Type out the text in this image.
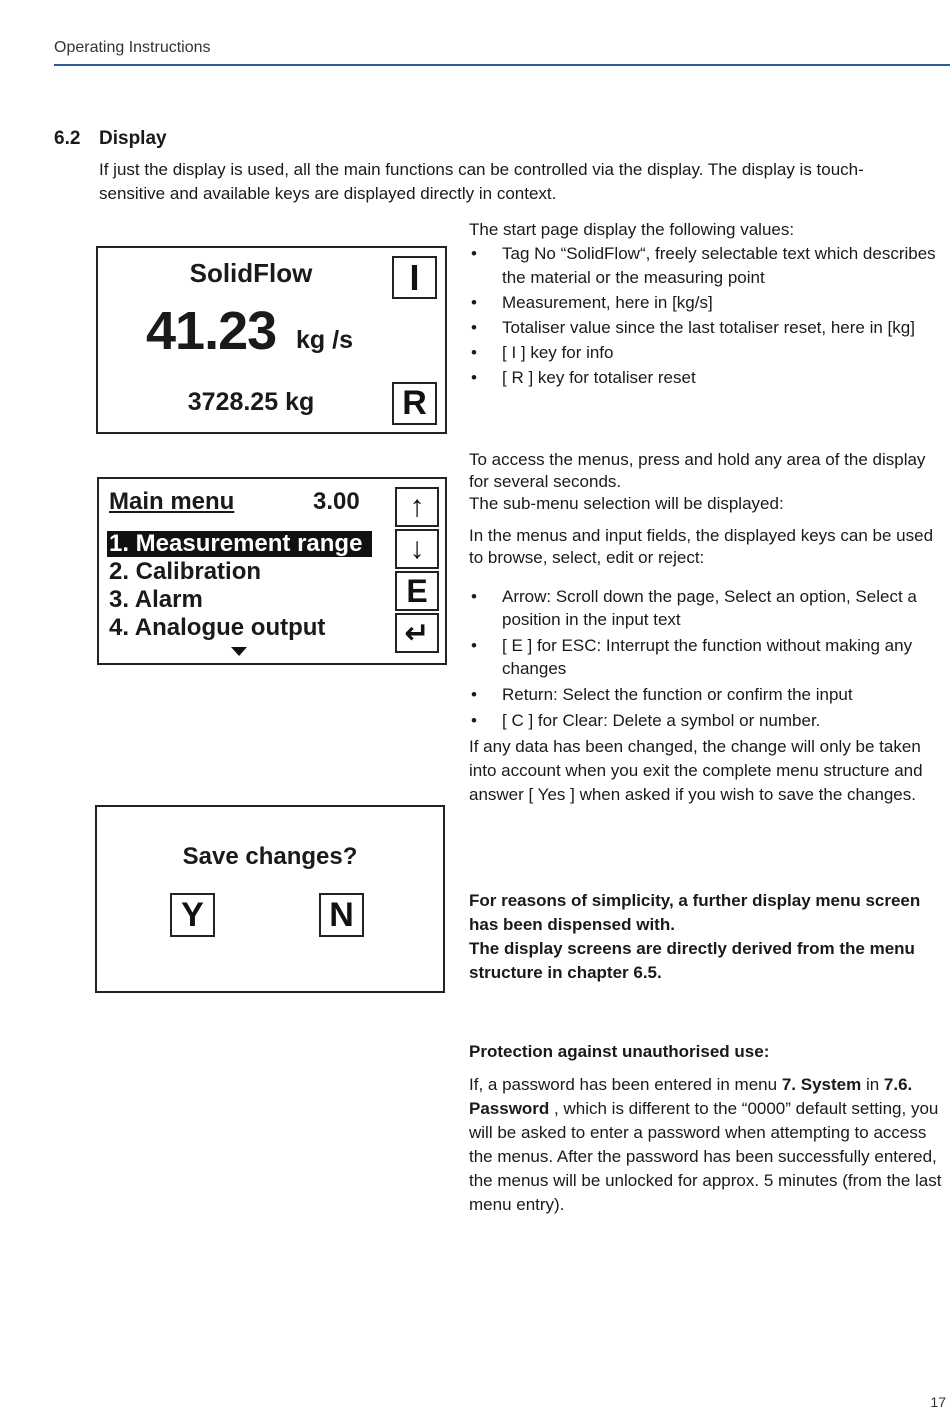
Operating Instructions
6.2 Display
If just the display is used, all the main functions can be controlled via the display. The display is touch-sensitive and available keys are displayed directly in context.
SolidFlow
41.23 kg /s
3728.25 kg
I
R
The start page display the following values:
• Tag No “SolidFlow“, freely selectable text which describes the material or the measuring point
• Measurement, here in [kg/s]
• Totaliser value since the last totaliser reset, here in [kg]
• [ I ] key for info
• [ R ] key for totaliser reset
Main menu	3.00
1. Measurement range
2. Calibration
3. Alarm
4. Analogue output
↑
↓
E
↵
To access the menus, press and hold any area of the display for several seconds.
The sub-menu selection will be displayed:
In the menus and input fields, the displayed keys can be used to browse, select, edit or reject:
• Arrow: Scroll down the page, Select an option, Select a position in the input text
• [ E ] for ESC: Interrupt the function without making any changes
• Return: Select the function or confirm the input
• [ C ] for Clear: Delete a symbol or number.
If any data has been changed, the change will only be taken into account when you exit the complete menu structure and answer [ Yes ] when asked if you wish to save the changes.
Save changes?
Y	N	For reasons of simplicity, a further display menu screen has been dispensed with.
The display screens are directly derived from the menu structure in chapter 6.5.
Protection against unauthorised use:
If, a password has been entered in menu 7. System in 7.6. Password , which is different to the “0000” default setting, you will be asked to enter a password when attempting to access the menus. After the password has been successfully entered, the menus will be unlocked for approx. 5 minutes (from the last menu entry).
17
